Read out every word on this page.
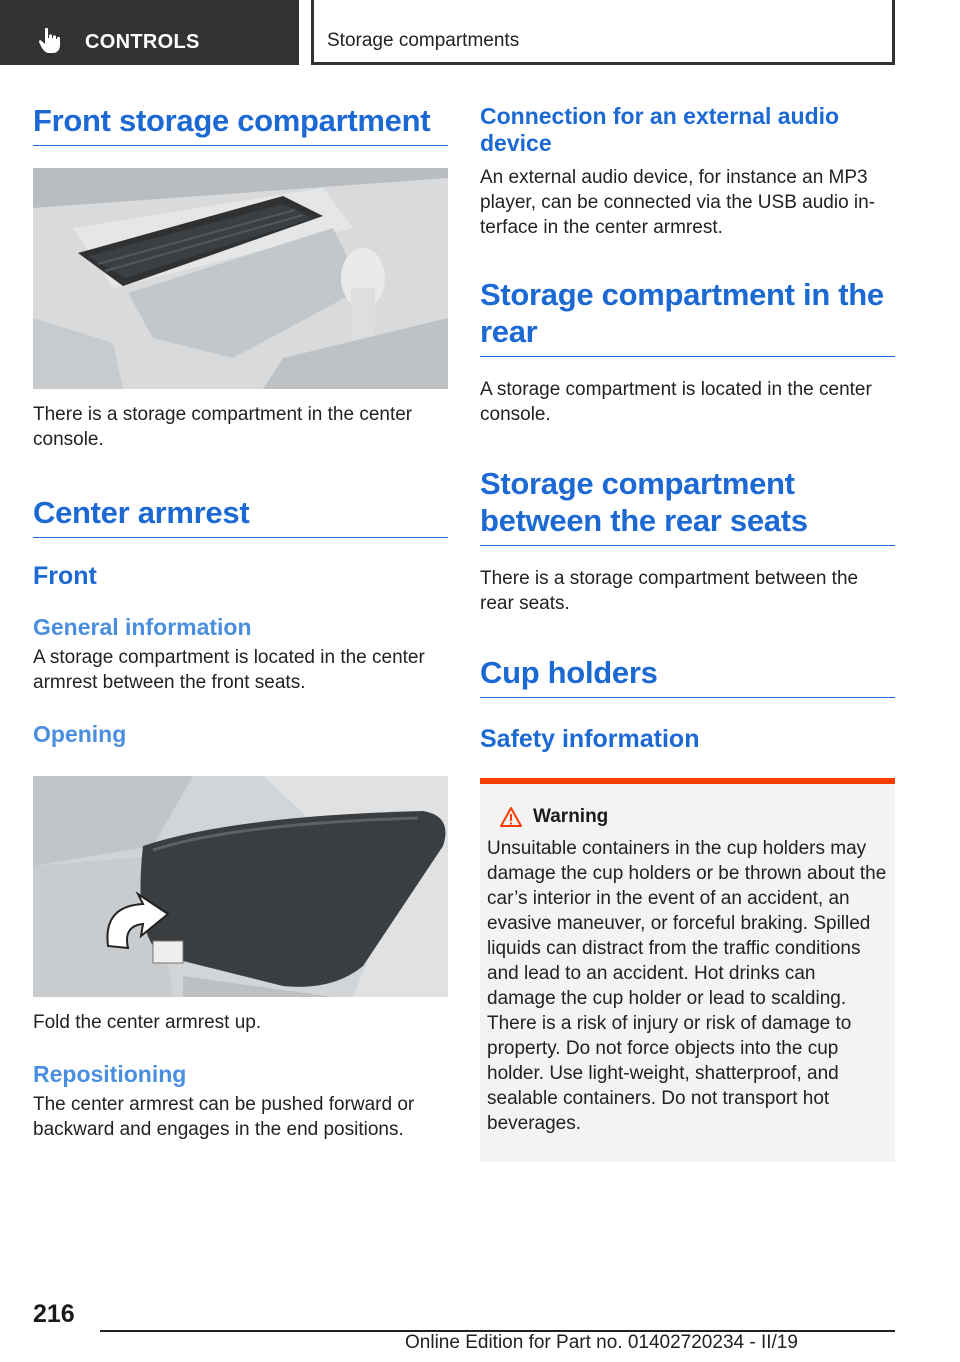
CONTROLS	Storage compartments
Front storage compartment

There is a storage compartment in the center console.

Center armrest
Front
General information

A storage compartment is located in the center armrest between the front seats.

Opening

Fold the center armrest up.

Repositioning

The center armrest can be pushed forward or backward and engages in the end positions.

Connection for an external audio device

An external audio device, for instance an MP3 player, can be connected via the USB audio in-terface in the center armrest.

Storage compartment in the rear

A storage compartment is located in the center console.

Storage compartment between the rear seats

There is a storage compartment between the rear seats.

Cup holders
Safety information
Warning

Unsuitable containers in the cup holders may damage the cup holders or be thrown about the car’s interior in the event of an accident, an evasive maneuver, or forceful braking. Spilled liquids can distract from the traffic conditions and lead to an accident. Hot drinks can damage the cup holder or lead to scalding. There is a risk of injury or risk of damage to property. Do not force objects into the cup holder. Use light-weight, shatterproof, and sealable containers. Do not transport hot beverages.

216
Online Edition for Part no. 01402720234 - II/19
